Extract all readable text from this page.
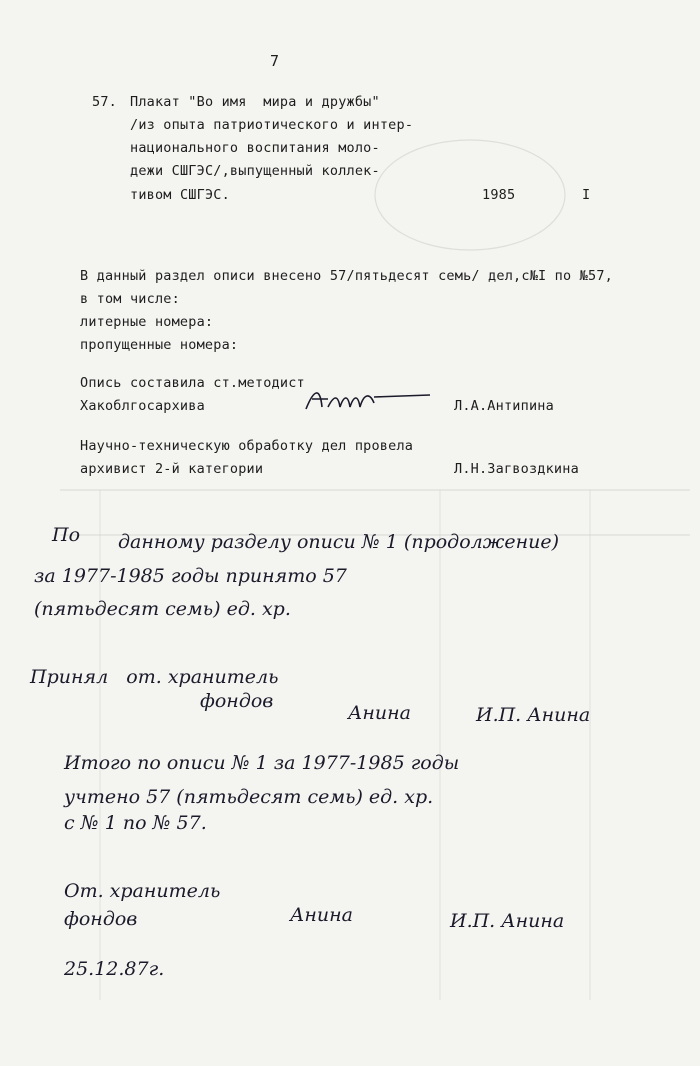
7
57. Плакат "Во имя  мира и дружбы"
/из опыта патриотического и интер-
национального воспитания моло-
дежи СШГЭС/,выпущенный коллек-
тивом СШГЭС.	1985	I
В данный раздел описи внесено 57/пятьдесят семь/ дел,с№I по №57,
в том числе:
литерные номера:
пропущенные номера:
Опись составила ст.методист
Хакоблгосархива	Л.А.Антипина
Научно-техническую обработку дел провела
архивист 2-й категории	Л.Н.Загвоздкина
По данному разделу описи № 1 (продолжение)
за 1977-1985 годы принято 57
(пятьдесят семь) ед. хр.
Принял   от. хранитель
фондов
Анина	И.П. Анина
Итого по описи № 1 за 1977-1985 годы
учтено 57 (пятьдесят семь) ед. хр.
с № 1 по № 57.
От. хранитель
фондов	Анина	И.П. Анина
25.12.87г.
